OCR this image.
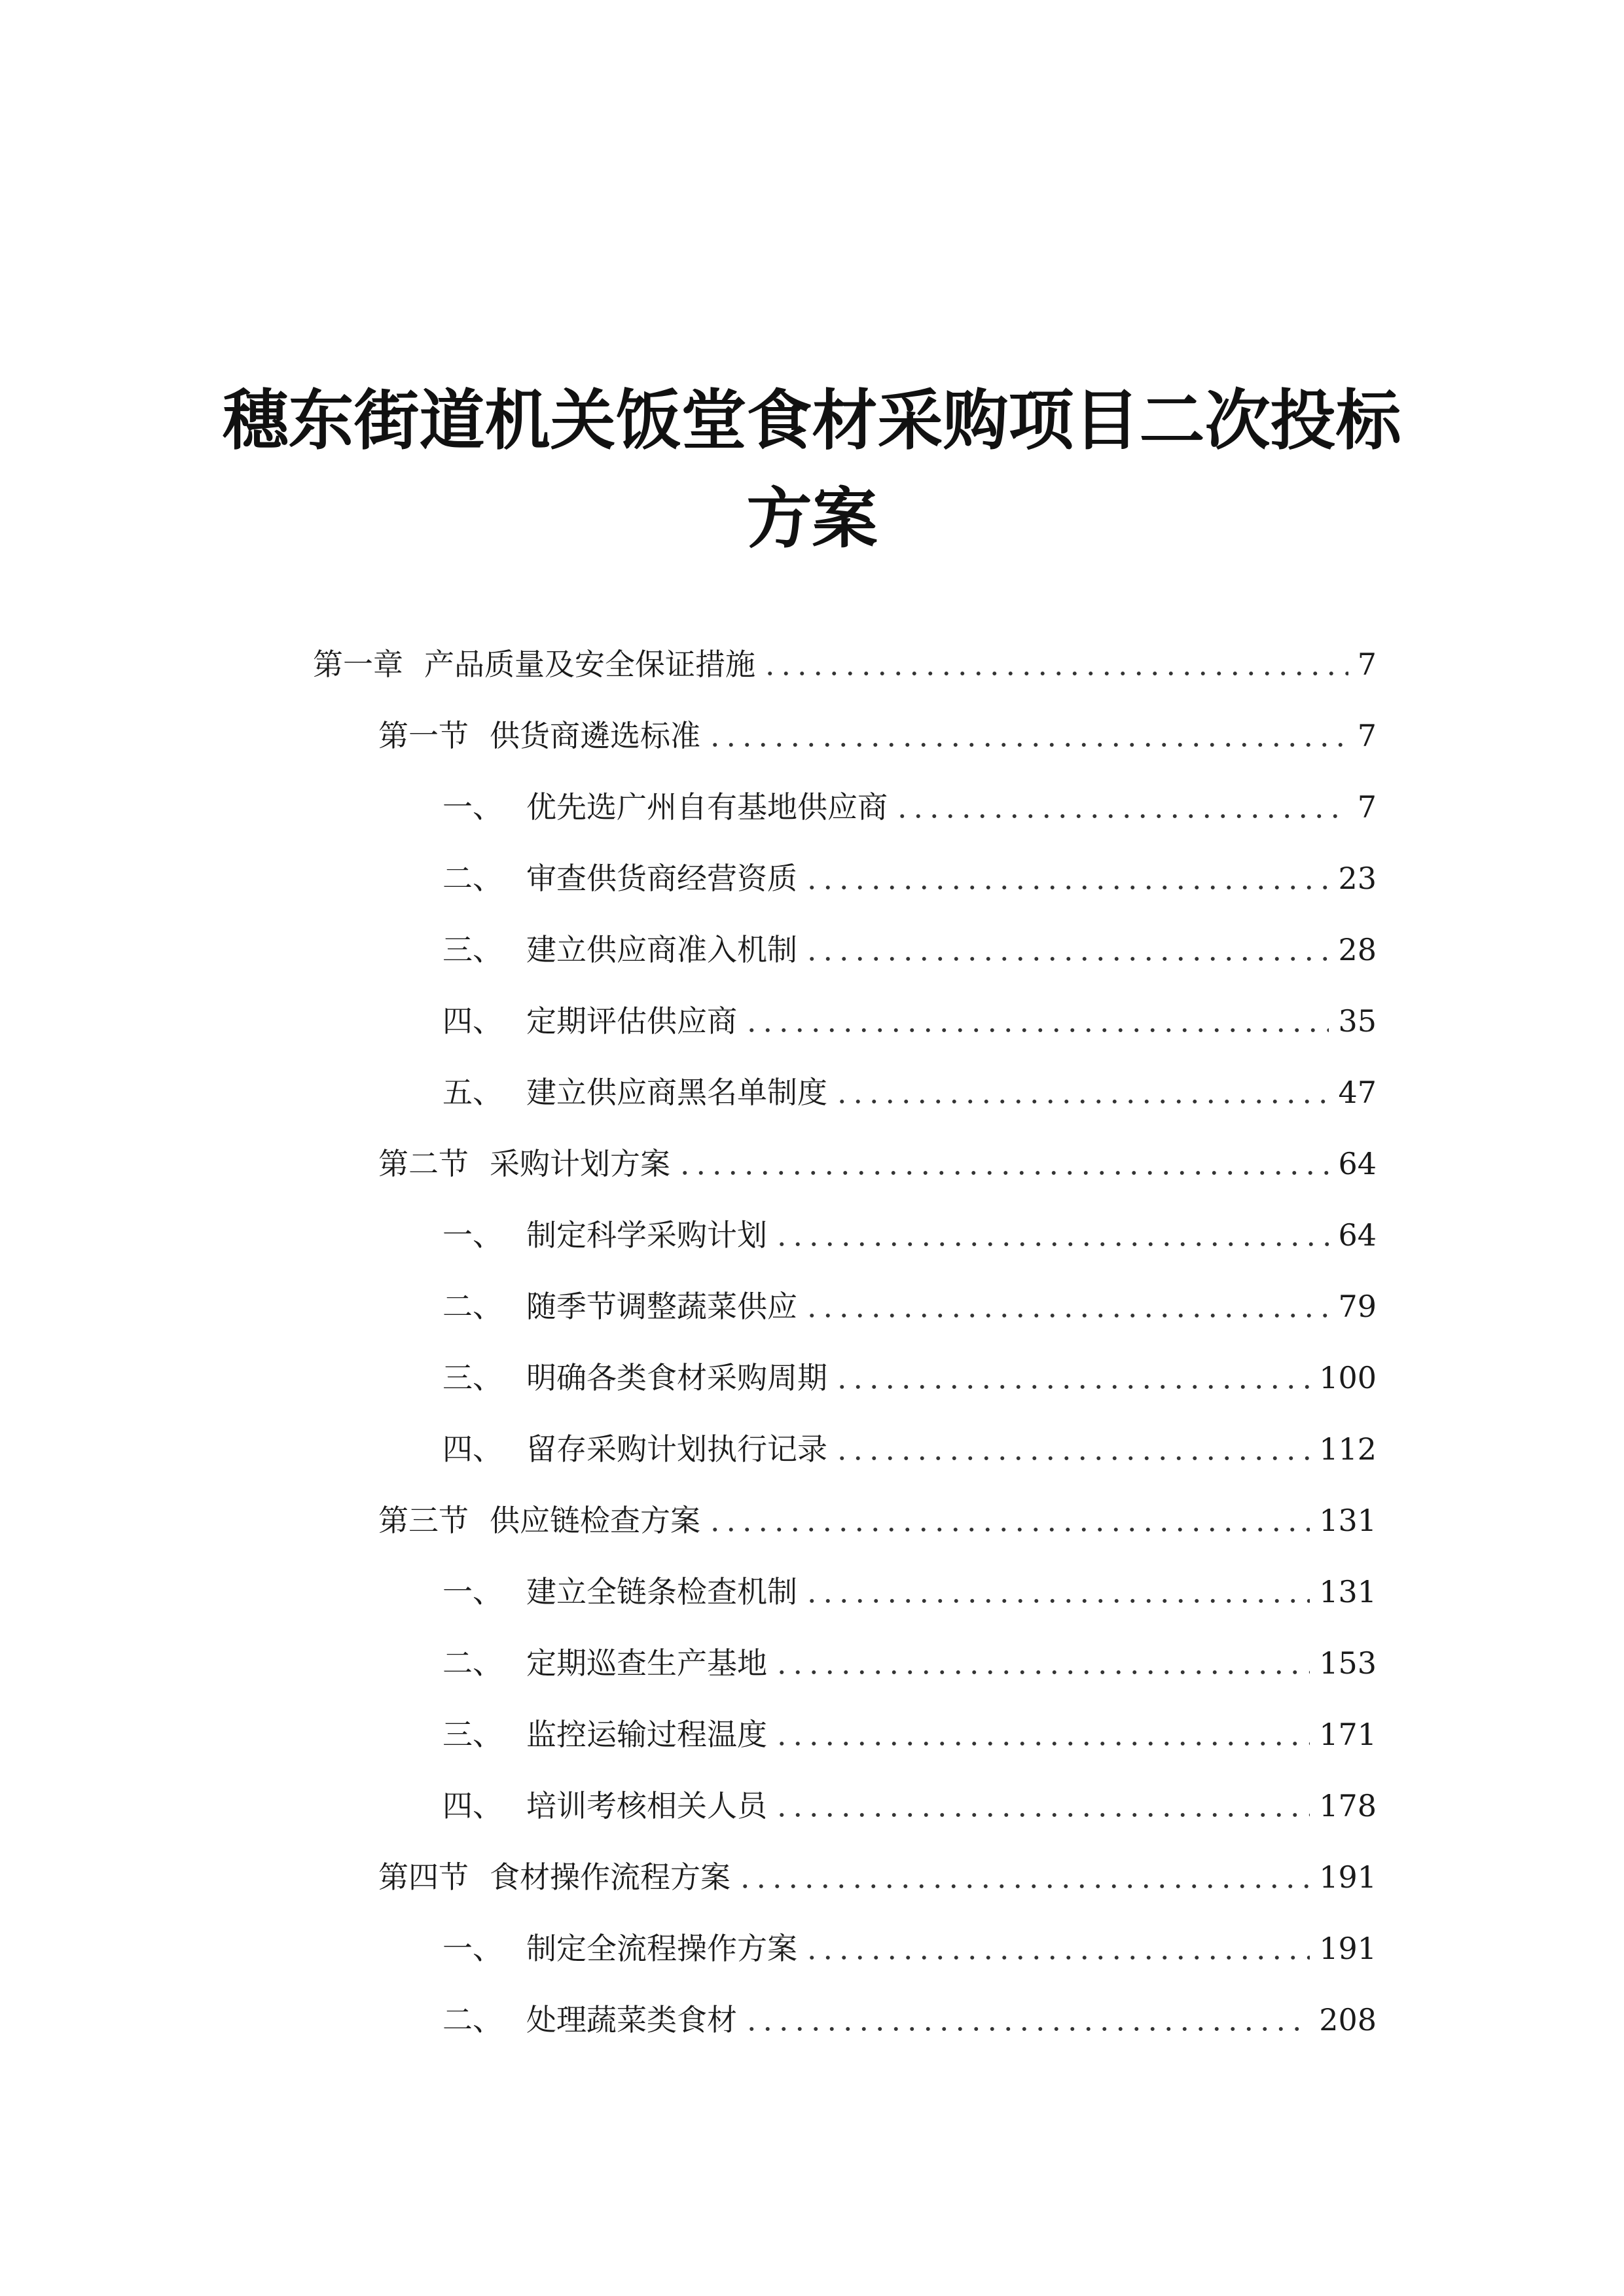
穗东街道机关饭堂食材采购项目二次投标
方案
第一章 产品质量及安全保证措施	7
第一节 供货商遴选标准	7
一、 优先选广州自有基地供应商	7
二、 审查供货商经营资质	23
三、 建立供应商准入机制	28
四、 定期评估供应商	35
五、 建立供应商黑名单制度	47
第二节 采购计划方案	64
一、 制定科学采购计划	64
二、 随季节调整蔬菜供应	79
三、 明确各类食材采购周期	100
四、 留存采购计划执行记录	112
第三节 供应链检查方案	131
一、 建立全链条检查机制	131
二、 定期巡查生产基地	153
三、 监控运输过程温度	171
四、 培训考核相关人员	178
第四节 食材操作流程方案	191
一、 制定全流程操作方案	191
二、 处理蔬菜类食材	208
